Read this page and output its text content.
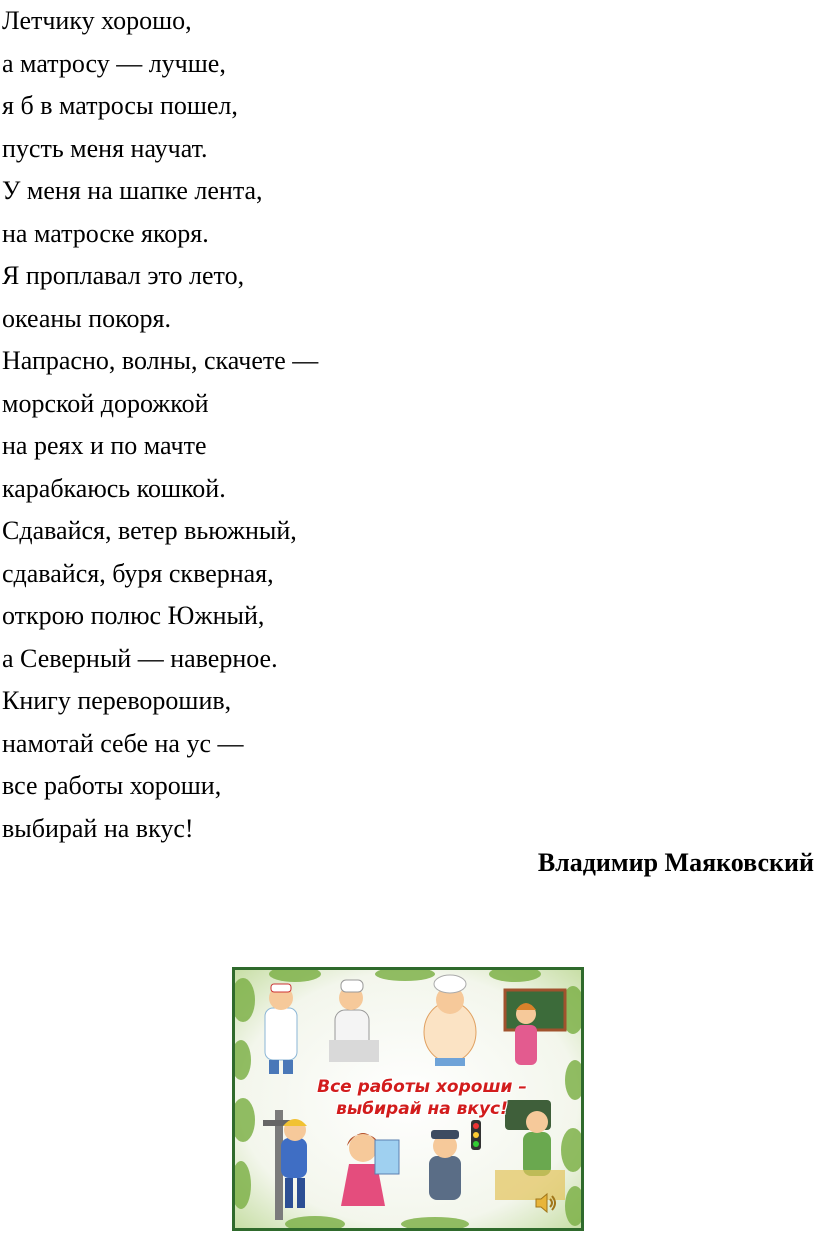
Летчику хорошо,
а матросу — лучше,
я б в матросы пошел,
пусть меня научат.
У меня на шапке лента,
на матроске якоря.
Я проплавал это лето,
океаны покоря.
Напрасно, волны, скачете —
морской дорожкой
на реях и по мачте
карабкаюсь кошкой.
Сдавайся, ветер вьюжный,
сдавайся, буря скверная,
открою полюс Южный,
а Северный — наверное.
Книгу переворошив,
намотай себе на ус —
все работы хороши,
выбирай на вкус!
Владимир Маяковский
Все работы хороши –
выбирай на вкус!
